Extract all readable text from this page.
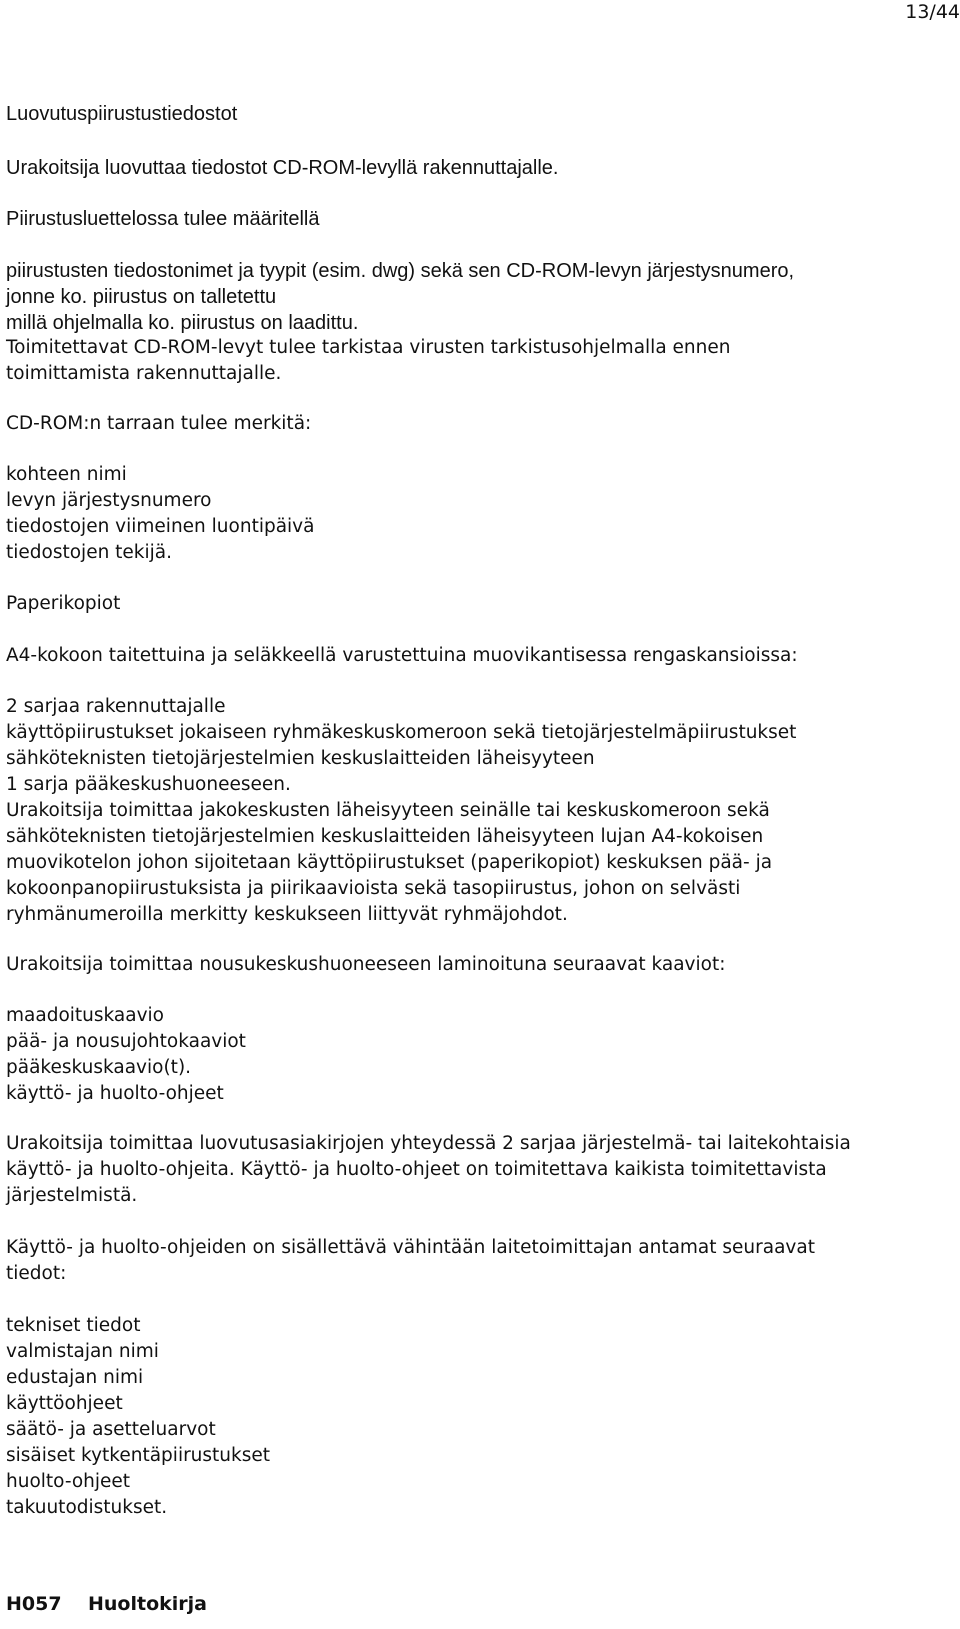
13/44
Luovutuspiirustustiedostot
Urakoitsija luovuttaa tiedostot CD-ROM-levyllä rakennuttajalle.
Piirustusluettelossa tulee määritellä
piirustusten tiedostonimet ja tyypit (esim. dwg) sekä sen CD-ROM-levyn järjestysnumero,
jonne ko. piirustus on talletettu
millä ohjelmalla ko. piirustus on laadittu.
Toimitettavat CD-ROM-levyt tulee tarkistaa virusten tarkistusohjelmalla ennen
toimittamista rakennuttajalle.
CD-ROM:n tarraan tulee merkitä:
kohteen nimi
levyn järjestysnumero
tiedostojen viimeinen luontipäivä
tiedostojen tekijä.
Paperikopiot
A4-kokoon taitettuina ja seläkkeellä varustettuina muovikantisessa rengaskansioissa:
2 sarjaa rakennuttajalle
käyttöpiirustukset jokaiseen ryhmäkeskuskomeroon sekä tietojärjestelmäpiirustukset
sähköteknisten tietojärjestelmien keskuslaitteiden läheisyyteen
1 sarja pääkeskushuoneeseen.
Urakoitsija toimittaa jakokeskusten läheisyyteen seinälle tai keskuskomeroon sekä
sähköteknisten tietojärjestelmien keskuslaitteiden läheisyyteen lujan A4-kokoisen
muovikotelon johon sijoitetaan käyttöpiirustukset (paperikopiot) keskuksen pää- ja
kokoonpanopiirustuksista ja piirikaavioista sekä tasopiirustus, johon on selvästi
ryhmänumeroilla merkitty keskukseen liittyvät ryhmäjohdot.
Urakoitsija toimittaa nousukeskushuoneeseen laminoituna seuraavat kaaviot:
maadoituskaavio
pää- ja nousujohtokaaviot
pääkeskuskaavio(t).
käyttö- ja huolto-ohjeet
Urakoitsija toimittaa luovutusasiakirjojen yhteydessä 2 sarjaa järjestelmä- tai laitekohtaisia
käyttö- ja huolto-ohjeita. Käyttö- ja huolto-ohjeet on toimitettava kaikista toimitettavista
järjestelmistä.
Käyttö- ja huolto-ohjeiden on sisällettävä vähintään laitetoimittajan antamat seuraavat
tiedot:
tekniset tiedot
valmistajan nimi
edustajan nimi
käyttöohjeet
säätö- ja asetteluarvot
sisäiset kytkentäpiirustukset
huolto-ohjeet
takuutodistukset.
H057 Huoltokirja
